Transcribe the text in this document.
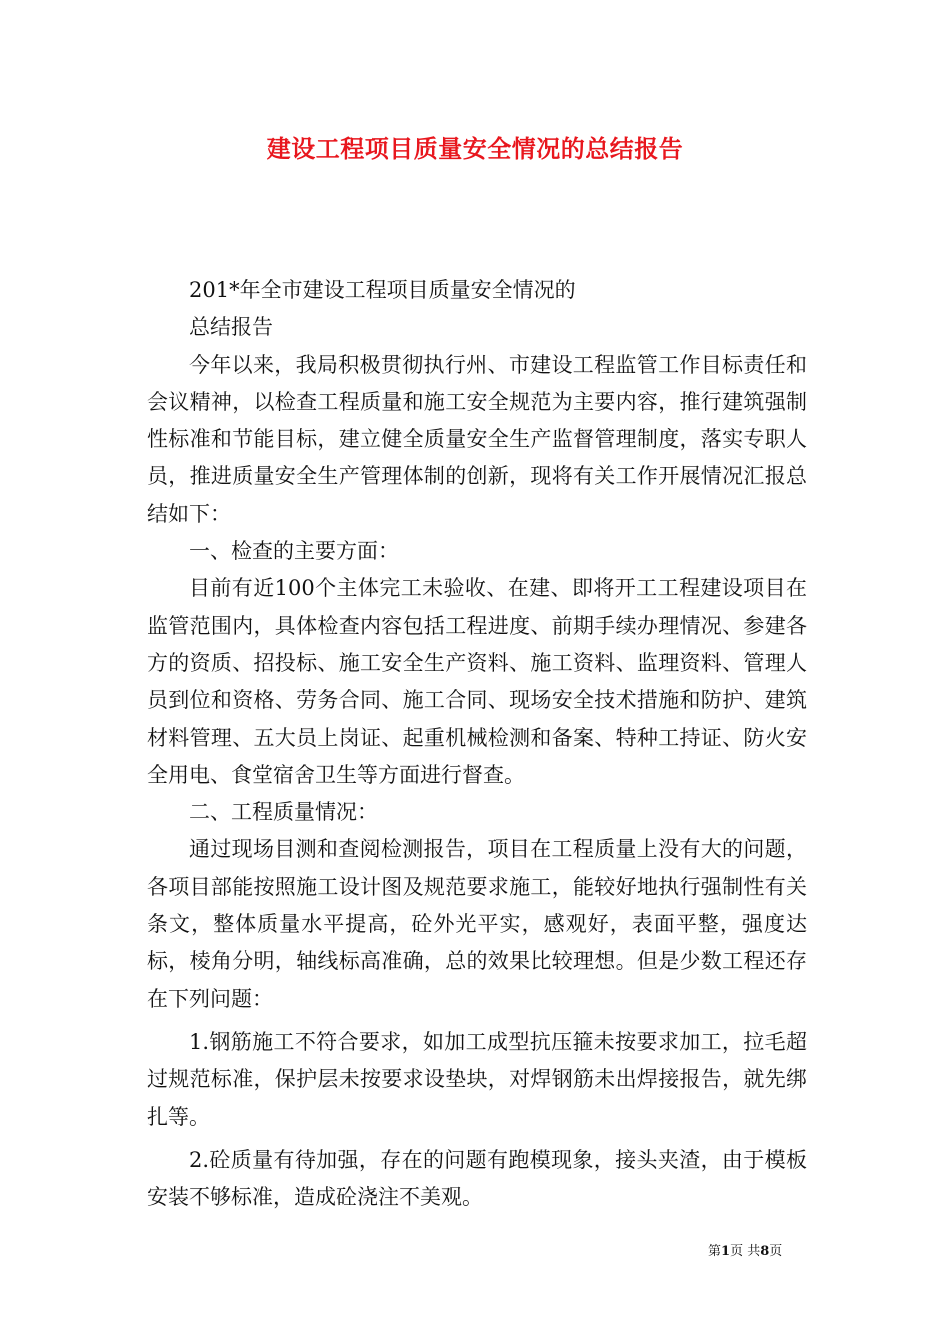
建设工程项目质量安全情况的总结报告

201*年全市建设工程项目质量安全情况的

总结报告

今年以来，我局积极贯彻执行州、市建设工程监管工作目标责任和会议精神，以检查工程质量和施工安全规范为主要内容，推行建筑强制性标准和节能目标，建立健全质量安全生产监督管理制度，落实专职人员，推进质量安全生产管理体制的创新，现将有关工作开展情况汇报总结如下：

一、检查的主要方面：

目前有近100个主体完工未验收、在建、即将开工工程建设项目在监管范围内，具体检查内容包括工程进度、前期手续办理情况、参建各方的资质、招投标、施工安全生产资料、施工资料、监理资料、管理人员到位和资格、劳务合同、施工合同、现场安全技术措施和防护、建筑材料管理、五大员上岗证、起重机械检测和备案、特种工持证、防火安全用电、食堂宿舍卫生等方面进行督查。

二、工程质量情况：

通过现场目测和查阅检测报告，项目在工程质量上没有大的问题，各项目部能按照施工设计图及规范要求施工，能较好地执行强制性有关条文，整体质量水平提高，砼外光平实，感观好，表面平整，强度达标，棱角分明，轴线标高准确，总的效果比较理想。但是少数工程还存在下列问题：

1.钢筋施工不符合要求，如加工成型抗压箍未按要求加工，拉毛超过规范标准，保护层未按要求设垫块，对焊钢筋未出焊接报告，就先绑扎等。

2.砼质量有待加强，存在的问题有跑模现象，接头夹渣，由于模板安装不够标准，造成砼浇注不美观。

第1页 共8页
